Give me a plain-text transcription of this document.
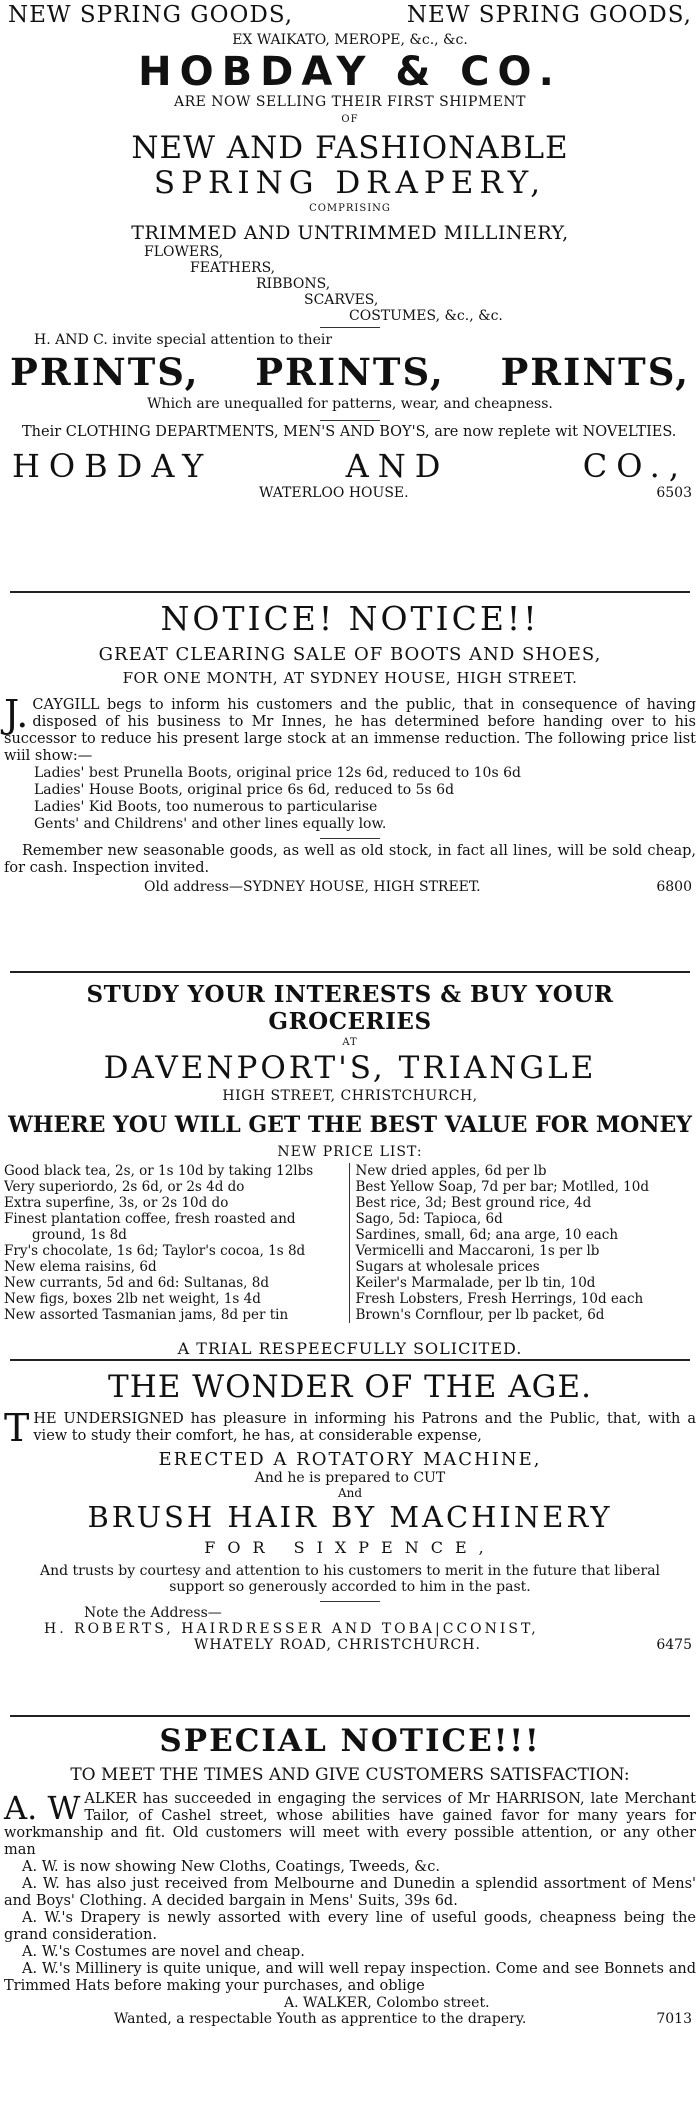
NEW SPRING GOODS,	NEW SPRING GOODS,
EX WAIKATO, MEROPE, &c., &c.
HOBDAY & CO.
ARE NOW SELLING THEIR FIRST SHIPMENT
OF
NEW AND FASHIONABLE
SPRING DRAPERY,
COMPRISING
TRIMMED AND UNTRIMMED MILLINERY,
FLOWERS,
FEATHERS,
RIBBONS,
SCARVES,
COSTUMES, &c., &c.
H. AND C. invite special attention to their
PRINTS, PRINTS, PRINTS,
Which are unequalled for patterns, wear, and cheapness.
Their CLOTHING DEPARTMENTS, MEN'S AND BOY'S, are now replete wit NOVELTIES.
HOBDAY	AND	CO.,
WATERLOO HOUSE.	6503
NOTICE! NOTICE!!
GREAT CLEARING SALE OF BOOTS AND SHOES,
FOR ONE MONTH, AT SYDNEY HOUSE, HIGH STREET.
J. CAYGILL begs to inform his customers and the public, that in consequence of having disposed of his business to Mr Innes, he has determined before handing over to his successor to reduce his present large stock at an immense reduction. The following price list wiil show:—
Ladies' best Prunella Boots, original price 12s 6d, reduced to 10s 6d
Ladies' House Boots, original price 6s 6d, reduced to 5s 6d
Ladies' Kid Boots, too numerous to particularise
Gents' and Childrens' and other lines equally low.
Remember new seasonable goods, as well as old stock, in fact all lines, will be sold cheap, for cash. Inspection invited.
Old address—SYDNEY HOUSE, HIGH STREET.	6800
STUDY YOUR INTERESTS & BUY YOUR GROCERIES
AT
DAVENPORT'S, TRIANGLE
HIGH STREET, CHRISTCHURCH,
WHERE YOU WILL GET THE BEST VALUE FOR MONEY
NEW PRICE LIST:
Good black tea, 2s, or 1s 10d by taking 12lbs
Very superiordo, 2s 6d, or 2s 4d do
Extra superfine, 3s, or 2s 10d do
Finest plantation coffee, fresh roasted and
ground, 1s 8d
Fry's chocolate, 1s 6d; Taylor's cocoa, 1s 8d
New elema raisins, 6d
New currants, 5d and 6d: Sultanas, 8d
New figs, boxes 2lb net weight, 1s 4d
New assorted Tasmanian jams, 8d per tin
New dried apples, 6d per lb
Best Yellow Soap, 7d per bar; Motlled, 10d
Best rice, 3d; Best ground rice, 4d
Sago, 5d: Tapioca, 6d
Sardines, small, 6d; ana arge, 10 each
Vermicelli and Maccaroni, 1s per lb
Sugars at wholesale prices
Keiler's Marmalade, per lb tin, 10d
Fresh Lobsters, Fresh Herrings, 10d each
Brown's Cornflour, per lb packet, 6d
A TRIAL RESPEECFULLY SOLICITED.
THE WONDER OF THE AGE.
T HE UNDERSIGNED has pleasure in informing his Patrons and the Public, that, with a view to study their comfort, he has, at considerable expense,
ERECTED A ROTATORY MACHINE,
And he is prepared to CUT
And
BRUSH HAIR BY MACHINERY
FOR SIXPENCE,
And trusts by courtesy and attention to his customers to merit in the future that liberal support so generously accorded to him in the past.
Note the Address—
H. ROBERTS, HAIRDRESSER AND TOBA|CCONIST,
WHATELY ROAD, CHRISTCHURCH.	6475
SPECIAL NOTICE!!!
TO MEET THE TIMES AND GIVE CUSTOMERS SATISFACTION:
A. W ALKER has succeeded in engaging the services of Mr HARRISON, late Merchant Tailor, of Cashel street, whose abilities have gained favor for many years for workmanship and fit. Old customers will meet with every possible attention, or any other man
A. W. is now showing New Cloths, Coatings, Tweeds, &c.
A. W. has also just received from Melbourne and Dunedin a splendid assortment of Mens' and Boys' Clothing. A decided bargain in Mens' Suits, 39s 6d.
A. W.'s Drapery is newly assorted with every line of useful goods, cheapness being the grand consideration.
A. W.'s Costumes are novel and cheap.
A. W.'s Millinery is quite unique, and will well repay inspection. Come and see Bonnets and Trimmed Hats before making your purchases, and oblige
A. WALKER, Colombo street.
Wanted, a respectable Youth as apprentice to the drapery.	7013
